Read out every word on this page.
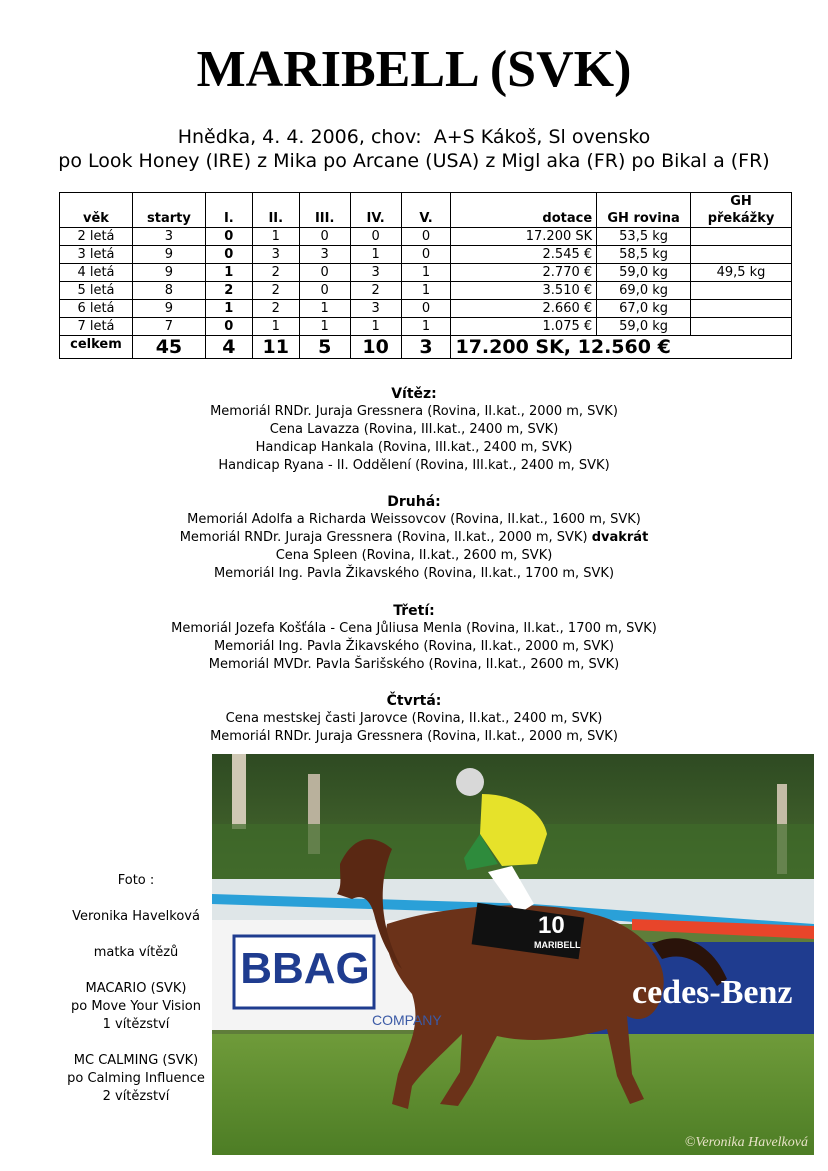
MARIBELL (SVK)
Hnědka, 4. 4. 2006, chov:  A+S Kákoš, Sl ovensko
po Look Honey (IRE) z Mika po Arcane (USA) z Migl aka (FR) po Bikal a (FR)
věk	starty	I.	II.	III.	IV.	V.	dotace	GH rovina	GH překážky
2 letá	3	0	1	0	0	0	17.200 SK	53,5 kg	
3 letá	9	0	3	3	1	0	2.545 €	58,5 kg	
4 letá	9	1	2	0	3	1	2.770 €	59,0 kg	49,5 kg
5 letá	8	2	2	0	2	1	3.510 €	69,0 kg	
6 letá	9	1	2	1	3	0	2.660 €	67,0 kg	
7 letá	7	0	1	1	1	1	1.075 €	59,0 kg	
celkem	45	4	11	5	10	3	17.200 SK, 12.560 €		
Vítěz:
Memoriál RNDr. Juraja Gressnera (Rovina, II.kat., 2000 m, SVK)
Cena Lavazza (Rovina, III.kat., 2400 m, SVK)
Handicap Hankala (Rovina, III.kat., 2400 m, SVK)
Handicap Ryana - II. Oddělení (Rovina, III.kat., 2400 m, SVK)
Druhá:
Memoriál Adolfa a Richarda Weissovcov (Rovina, II.kat., 1600 m, SVK)
Memoriál RNDr. Juraja Gressnera (Rovina, II.kat., 2000 m, SVK) dvakrát
Cena Spleen (Rovina, II.kat., 2600 m, SVK)
Memoriál Ing. Pavla Žikavského (Rovina, II.kat., 1700 m, SVK)
Třetí:
Memoriál Jozefa Košťála - Cena Jůliusa Menla (Rovina, II.kat., 1700 m, SVK)
Memoriál Ing. Pavla Žikavského (Rovina, II.kat., 2000 m, SVK)
Memoriál MVDr. Pavla Šarišského (Rovina, II.kat., 2600 m, SVK)
Čtvrtá:
Cena mestskej časti Jarovce (Rovina, II.kat., 2400 m, SVK)
Memoriál RNDr. Juraja Gressnera (Rovina, II.kat., 2000 m, SVK)
Foto :
Veronika Havelková
matka vítězů
MACARIO (SVK)
po Move Your Vision
1 vítězství
MC CALMING (SVK)
po Calming Influence
2 vítězství
BBAG
COMPANY
cedes-Benz
10
MARIBELL
©Veronika Havelková
